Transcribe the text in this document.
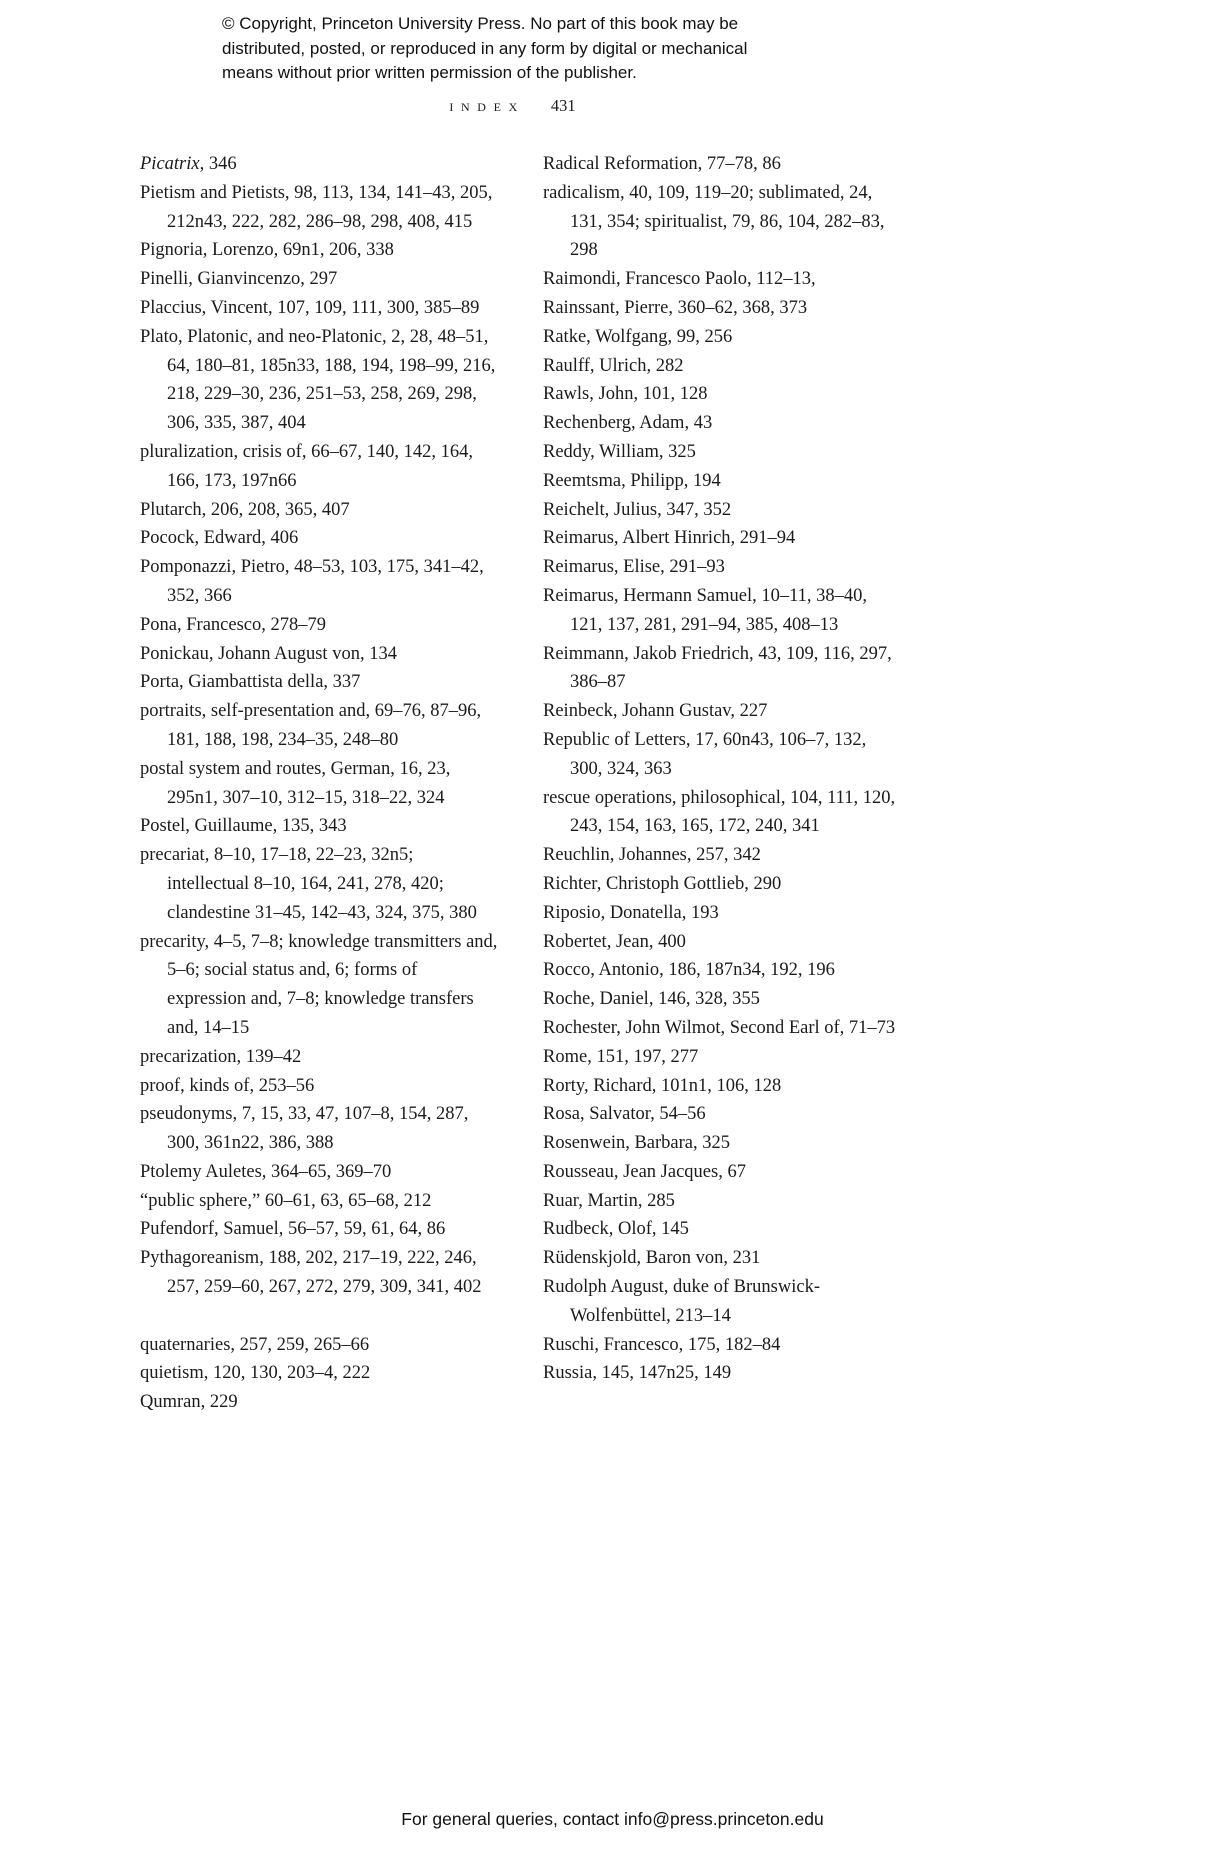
© Copyright, Princeton University Press. No part of this book may be
distributed, posted, or reproduced in any form by digital or mechanical
means without prior written permission of the publisher.
index 431
Picatrix, 346
Pietism and Pietists, 98, 113, 134, 141–43, 205, 212n43, 222, 282, 286–98, 298, 408, 415
Pignoria, Lorenzo, 69n1, 206, 338
Pinelli, Gianvincenzo, 297
Placcius, Vincent, 107, 109, 111, 300, 385–89
Plato, Platonic, and neo-Platonic, 2, 28, 48–51, 64, 180–81, 185n33, 188, 194, 198–99, 216, 218, 229–30, 236, 251–53, 258, 269, 298, 306, 335, 387, 404
pluralization, crisis of, 66–67, 140, 142, 164, 166, 173, 197n66
Plutarch, 206, 208, 365, 407
Pocock, Edward, 406
Pomponazzi, Pietro, 48–53, 103, 175, 341–42, 352, 366
Pona, Francesco, 278–79
Ponickau, Johann August von, 134
Porta, Giambattista della, 337
portraits, self-presentation and, 69–76, 87–96, 181, 188, 198, 234–35, 248–80
postal system and routes, German, 16, 23, 295n1, 307–10, 312–15, 318–22, 324
Postel, Guillaume, 135, 343
precariat, 8–10, 17–18, 22–23, 32n5; intellectual 8–10, 164, 241, 278, 420; clandestine 31–45, 142–43, 324, 375, 380
precarity, 4–5, 7–8; knowledge transmitters and, 5–6; social status and, 6; forms of expression and, 7–8; knowledge transfers and, 14–15
precarization, 139–42
proof, kinds of, 253–56
pseudonyms, 7, 15, 33, 47, 107–8, 154, 287, 300, 361n22, 386, 388
Ptolemy Auletes, 364–65, 369–70
“public sphere,” 60–61, 63, 65–68, 212
Pufendorf, Samuel, 56–57, 59, 61, 64, 86
Pythagoreanism, 188, 202, 217–19, 222, 246, 257, 259–60, 267, 272, 279, 309, 341, 402
quaternaries, 257, 259, 265–66
quietism, 120, 130, 203–4, 222
Qumran, 229
Radical Reformation, 77–78, 86
radicalism, 40, 109, 119–20; sublimated, 24, 131, 354; spiritualist, 79, 86, 104, 282–83, 298
Raimondi, Francesco Paolo, 112–13,
Rainssant, Pierre, 360–62, 368, 373
Ratke, Wolfgang, 99, 256
Raulff, Ulrich, 282
Rawls, John, 101, 128
Rechenberg, Adam, 43
Reddy, William, 325
Reemtsma, Philipp, 194
Reichelt, Julius, 347, 352
Reimarus, Albert Hinrich, 291–94
Reimarus, Elise, 291–93
Reimarus, Hermann Samuel, 10–11, 38–40, 121, 137, 281, 291–94, 385, 408–13
Reimmann, Jakob Friedrich, 43, 109, 116, 297, 386–87
Reinbeck, Johann Gustav, 227
Republic of Letters, 17, 60n43, 106–7, 132, 300, 324, 363
rescue operations, philosophical, 104, 111, 120, 243, 154, 163, 165, 172, 240, 341
Reuchlin, Johannes, 257, 342
Richter, Christoph Gottlieb, 290
Riposio, Donatella, 193
Robertet, Jean, 400
Rocco, Antonio, 186, 187n34, 192, 196
Roche, Daniel, 146, 328, 355
Rochester, John Wilmot, Second Earl of, 71–73
Rome, 151, 197, 277
Rorty, Richard, 101n1, 106, 128
Rosa, Salvator, 54–56
Rosenwein, Barbara, 325
Rousseau, Jean Jacques, 67
Ruar, Martin, 285
Rudbeck, Olof, 145
Rüdenskjold, Baron von, 231
Rudolph August, duke of Brunswick-Wolfenbüttel, 213–14
Ruschi, Francesco, 175, 182–84
Russia, 145, 147n25, 149
For general queries, contact info@press.princeton.edu
